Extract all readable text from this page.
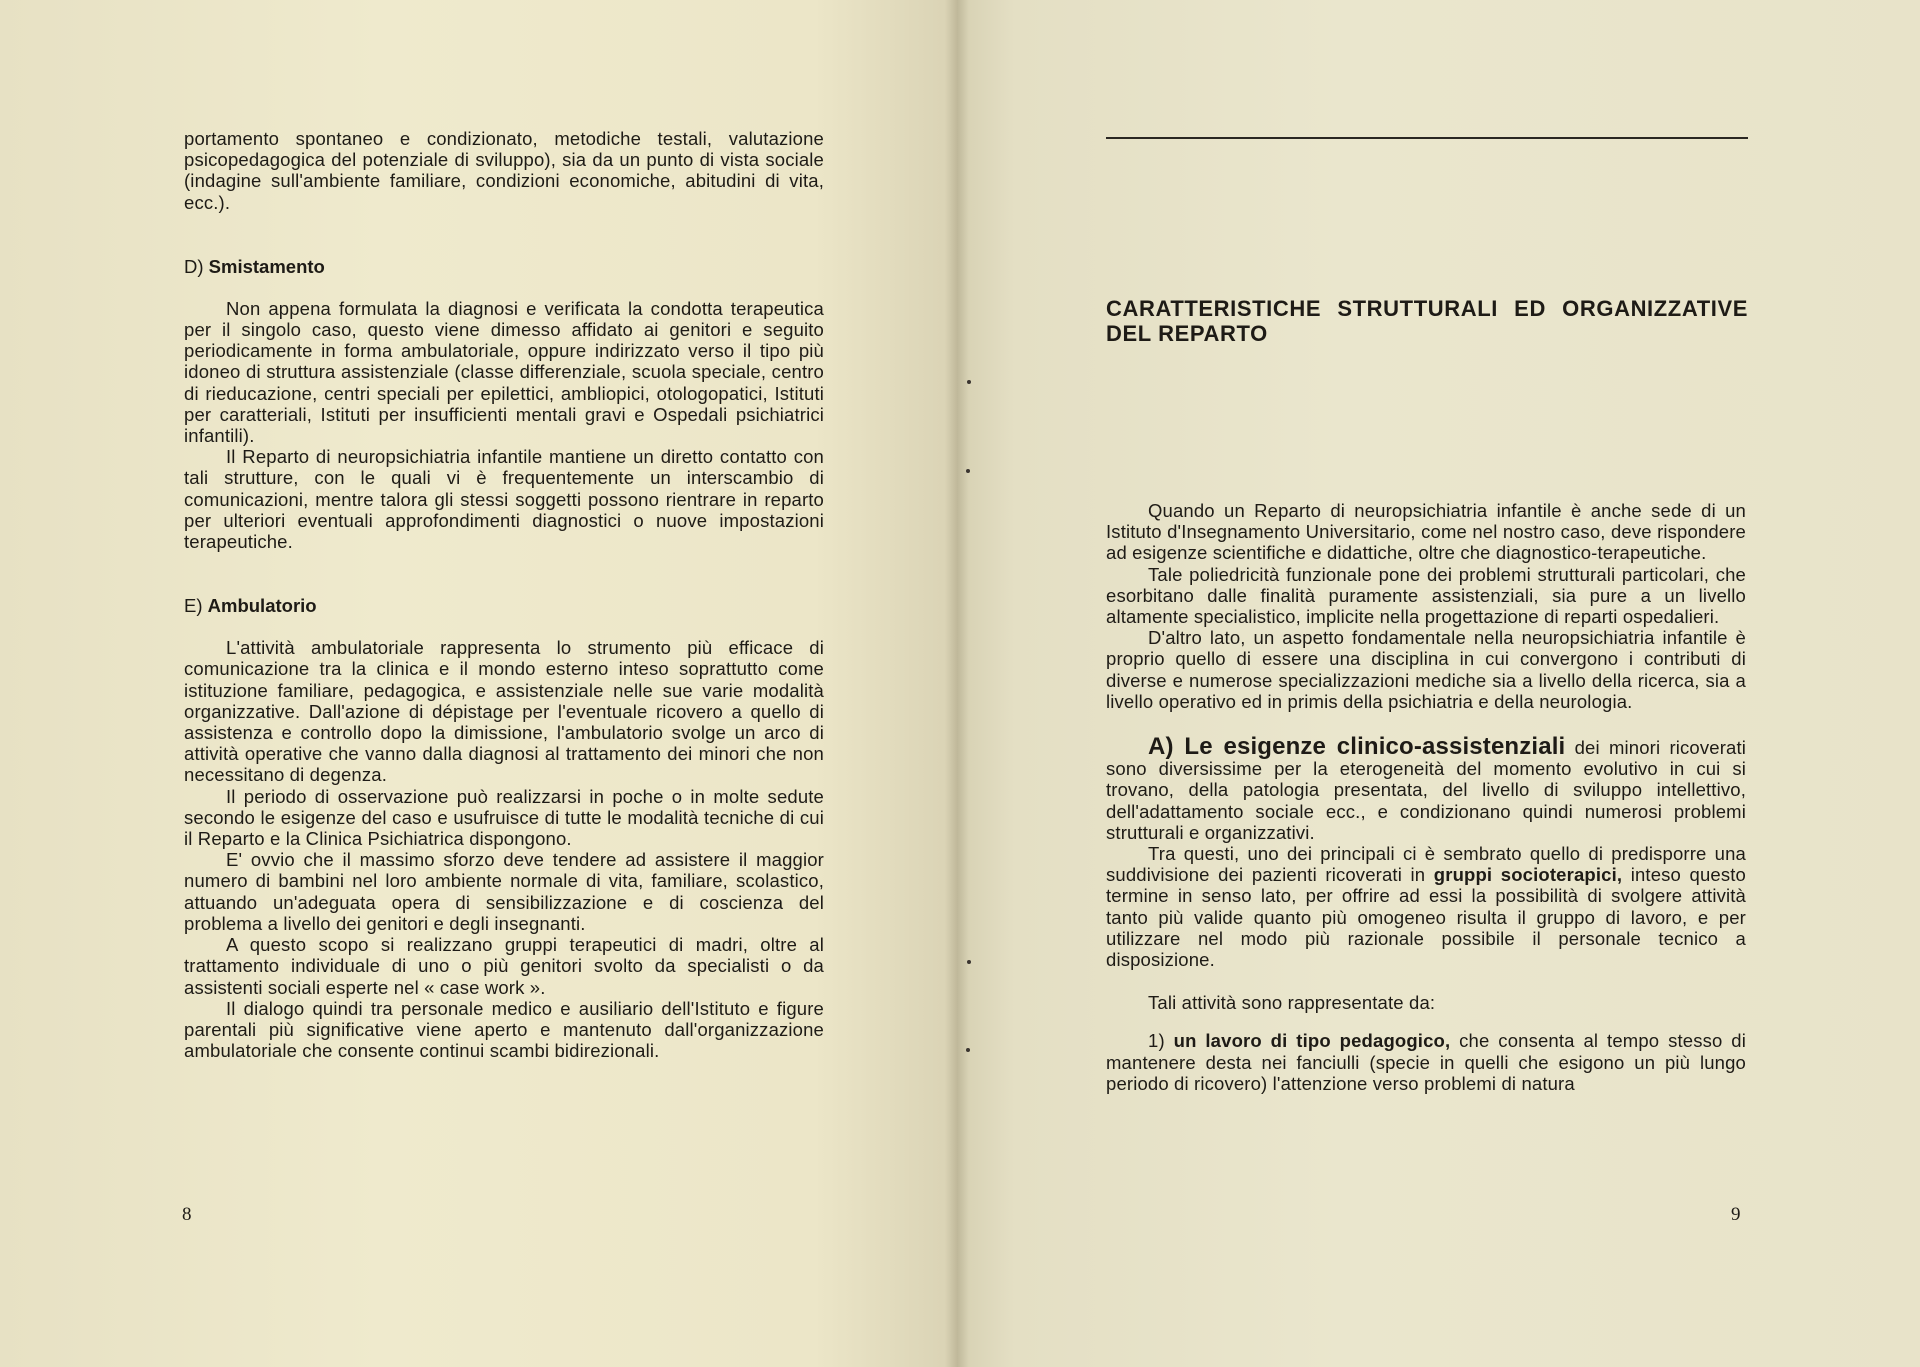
portamento spontaneo e condizionato, metodiche testali, valutazione psicopedagogica del potenziale di sviluppo), sia da un punto di vista sociale (indagine sull'ambiente familiare, condizioni economiche, abitudini di vita, ecc.).

D) Smistamento

Non appena formulata la diagnosi e verificata la condotta terapeutica per il singolo caso, questo viene dimesso affidato ai genitori e seguito periodicamente in forma ambulatoriale, oppure indirizzato verso il tipo più idoneo di struttura assistenziale (classe differenziale, scuola speciale, centro di rieducazione, centri speciali per epilettici, ambliopici, otologopatici, Istituti per caratteriali, Istituti per insufficienti mentali gravi e Ospedali psichiatrici infantili).

Il Reparto di neuropsichiatria infantile mantiene un diretto contatto con tali strutture, con le quali vi è frequentemente un interscambio di comunicazioni, mentre talora gli stessi soggetti possono rientrare in reparto per ulteriori eventuali approfondimenti diagnostici o nuove impostazioni terapeutiche.

E) Ambulatorio

L'attività ambulatoriale rappresenta lo strumento più efficace di comunicazione tra la clinica e il mondo esterno inteso soprattutto come istituzione familiare, pedagogica, e assistenziale nelle sue varie modalità organizzative. Dall'azione di dépistage per l'eventuale ricovero a quello di assistenza e controllo dopo la dimissione, l'ambulatorio svolge un arco di attività operative che vanno dalla diagnosi al trattamento dei minori che non necessitano di degenza.

Il periodo di osservazione può realizzarsi in poche o in molte sedute secondo le esigenze del caso e usufruisce di tutte le modalità tecniche di cui il Reparto e la Clinica Psichiatrica dispongono.

E' ovvio che il massimo sforzo deve tendere ad assistere il maggior numero di bambini nel loro ambiente normale di vita, familiare, scolastico, attuando un'adeguata opera di sensibilizzazione e di coscienza del problema a livello dei genitori e degli insegnanti.

A questo scopo si realizzano gruppi terapeutici di madri, oltre al trattamento individuale di uno o più genitori svolto da specialisti o da assistenti sociali esperte nel « case work ».

Il dialogo quindi tra personale medico e ausiliario dell'Istituto e figure parentali più significative viene aperto e mantenuto dall'organizzazione ambulatoriale che consente continui scambi bidirezionali.

8
CARATTERISTICHE STRUTTURALI ED ORGANIZZATIVE DEL REPARTO

Quando un Reparto di neuropsichiatria infantile è anche sede di un Istituto d'Insegnamento Universitario, come nel nostro caso, deve rispondere ad esigenze scientifiche e didattiche, oltre che diagnostico-terapeutiche.

Tale poliedricità funzionale pone dei problemi strutturali particolari, che esorbitano dalle finalità puramente assistenziali, sia pure a un livello altamente specialistico, implicite nella progettazione di reparti ospedalieri.

D'altro lato, un aspetto fondamentale nella neuropsichiatria infantile è proprio quello di essere una disciplina in cui convergono i contributi di diverse e numerose specializzazioni mediche sia a livello della ricerca, sia a livello operativo ed in primis della psichiatria e della neurologia.

A) Le esigenze clinico-assistenziali dei minori ricoverati sono diversissime per la eterogeneità del momento evolutivo in cui si trovano, della patologia presentata, del livello di sviluppo intellettivo, dell'adattamento sociale ecc., e condizionano quindi numerosi problemi strutturali e organizzativi.

Tra questi, uno dei principali ci è sembrato quello di predisporre una suddivisione dei pazienti ricoverati in gruppi socioterapici, inteso questo termine in senso lato, per offrire ad essi la possibilità di svolgere attività tanto più valide quanto più omogeneo risulta il gruppo di lavoro, e per utilizzare nel modo più razionale possibile il personale tecnico a disposizione.

Tali attività sono rappresentate da:

1) un lavoro di tipo pedagogico, che consenta al tempo stesso di mantenere desta nei fanciulli (specie in quelli che esigono un più lungo periodo di ricovero) l'attenzione verso problemi di natura

9
